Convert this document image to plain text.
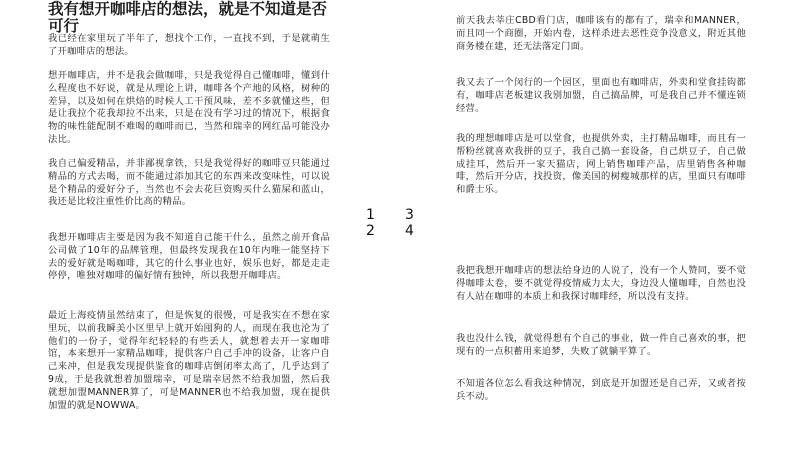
我有想开咖啡店的想法，就是不知道是否可行

我已经在家里玩了半年了，想找个工作，一直找不到，于是就萌生了开咖啡店的想法。

想开咖啡店，并不是我会做咖啡，只是我觉得自己懂咖啡，懂到什么程度也不好说，就是从理论上讲，咖啡各个产地的风格，树种的差异，以及如何在烘焙的时候人工干预风味，差不多就懂这些，但是让我拉个花我却拉不出来，只是在没有学习过的情况下，根据食物的味性能配制不难喝的咖啡而已，当然和瑞幸的网红品可能没办法比。

我自己偏爱精品，并非鄙视拿铁，只是我觉得好的咖啡豆只能通过精品的方式去喝，而不能通过添加其它的东西来改变味性，可以说是个精品的爱好分子，当然也不会去花巨资购买什么猫屎和蓝山，我还是比较注重性价比高的精品。

我想开咖啡店主要是因为我不知道自己能干什么，虽然之前开食品公司做了10年的品牌管理，但最终发现我在10年内唯一能坚持下去的爱好就是喝咖啡，其它的什么事业也好，娱乐也好，都是走走停停，唯独对咖啡的偏好情有独钟，所以我想开咖啡店。

最近上海疫情虽然结束了，但是恢复的很慢，可是我实在不想在家里玩，以前我瞬美小区里早上就开始囤狗的人，而现在我也沦为了他们的一份子，觉得年纪轻轻的有些丢人，就想着去开一家咖啡馆，本来想开一家精品咖啡，提供客户自己手冲的设备，让客户自己来冲，但是我发现提供鉴食的咖啡店倒闭率太高了，几乎达到了9成，于是我就想着加盟瑞幸，可是瑞幸居然不给我加盟，然后我就想加盟MANNER算了，可是MANNER也不给我加盟，现在提供加盟的就是NOWWA。

前天我去莘庄CBD看门店，咖啡该有的都有了，瑞幸和MANNER，而且同一个商圈，开始内卷，这样杀进去恶性竞争没意义，附近其他商务楼在建，还无法落定门面。

我又去了一个闵行的一个园区，里面也有咖啡店，外卖和堂食挂钩都有，咖啡店老板建议我别加盟，自己搞品牌，可是我自己并不懂连锁经营。

我的理想咖啡店是可以堂食，也提供外卖，主打精品咖啡，而且有一帮粉丝就喜欢我拼的豆子，我自己搞一套设备，自己烘豆子，自己做成挂耳，然后开一家天猫店，网上销售咖啡产品，店里销售各种咖啡，然后开分店，找投资，像美国的树瘦城那样的店，里面只有咖啡和爵士乐。

我把我想开咖啡店的想法给身边的人说了，没有一个人赞同，要不觉得咖啡太卷，要不就觉得疫情威力太大，身边没人懂咖啡，自然也没有人站在咖啡的本质上和我探讨咖啡经，所以没有支持。

我也没什么钱，就觉得想有个自己的事业，做一件自己喜欢的事，把现有的一点积蓄用来追梦，失败了就躺平算了。

不知道各位怎么看我这种情况，到底是开加盟还是自己弄，又或者按兵不动。

1 3
2 4
